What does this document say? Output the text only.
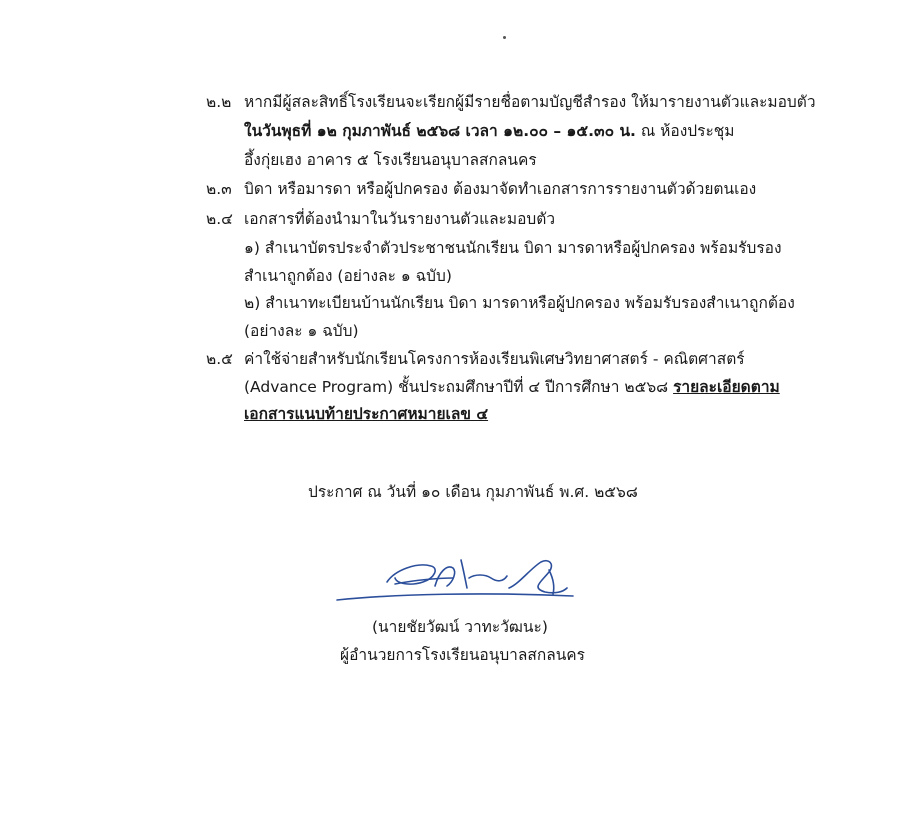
๒.๒ หากมีผู้สละสิทธิ์โรงเรียนจะเรียกผู้มีรายชื่อตามบัญชีสำรอง ให้มารายงานตัวและมอบตัว
ในวันพุธที่ ๑๒ กุมภาพันธ์ ๒๕๖๘ เวลา ๑๒.๐๐ – ๑๕.๓๐ น. ณ ห้องประชุม
อึ้งกุ่ยเฮง อาคาร ๕ โรงเรียนอนุบาลสกลนคร
๒.๓ บิดา หรือมารดา หรือผู้ปกครอง ต้องมาจัดทำเอกสารการรายงานตัวด้วยตนเอง
๒.๔ เอกสารที่ต้องนำมาในวันรายงานตัวและมอบตัว
๑) สำเนาบัตรประจำตัวประชาชนนักเรียน บิดา มารดาหรือผู้ปกครอง พร้อมรับรอง
สำเนาถูกต้อง (อย่างละ ๑ ฉบับ)
๒) สำเนาทะเบียนบ้านนักเรียน บิดา มารดาหรือผู้ปกครอง พร้อมรับรองสำเนาถูกต้อง
(อย่างละ ๑ ฉบับ)
๒.๕ ค่าใช้จ่ายสำหรับนักเรียนโครงการห้องเรียนพิเศษวิทยาศาสตร์ - คณิตศาสตร์
(Advance Program) ชั้นประถมศึกษาปีที่ ๔ ปีการศึกษา ๒๕๖๘ รายละเอียดตาม
เอกสารแนบท้ายประกาศหมายเลข ๔
ประกาศ ณ วันที่ ๑๐ เดือน กุมภาพันธ์ พ.ศ. ๒๕๖๘
(นายชัยวัฒน์ วาทะวัฒนะ)
ผู้อำนวยการโรงเรียนอนุบาลสกลนคร
